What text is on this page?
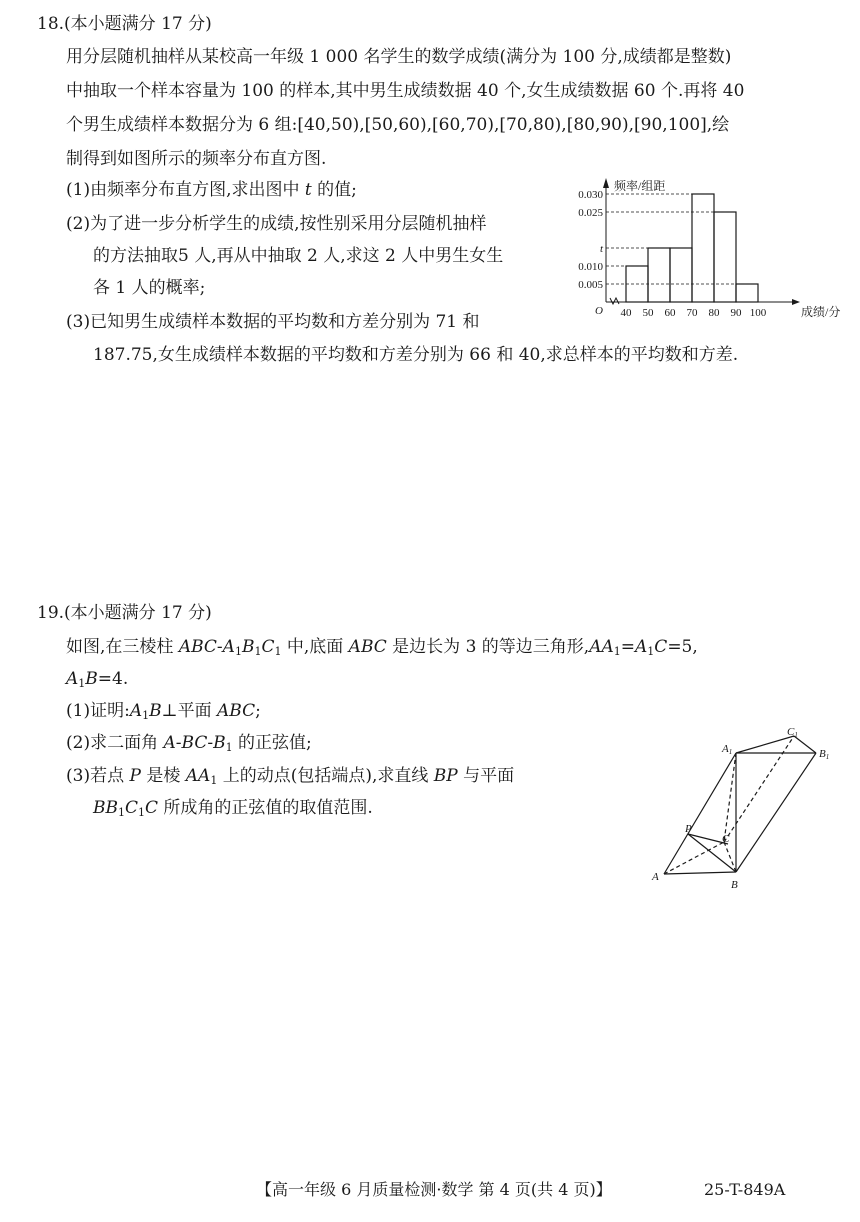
18.(本小题满分 17 分)
用分层随机抽样从某校高一年级 1 000 名学生的数学成绩(满分为 100 分,成绩都是整数)
中抽取一个样本容量为 100 的样本,其中男生成绩数据 40 个,女生成绩数据 60 个.再将 40
个男生成绩样本数据分为 6 组:[40,50),[50,60),[60,70),[70,80),[80,90),[90,100],绘
制得到如图所示的频率分布直方图.
(1)由频率分布直方图,求出图中 t 的值;
(2)为了进一步分析学生的成绩,按性别采用分层随机抽样
的方法抽取5 人,再从中抽取 2 人,求这 2 人中男生女生
各 1 人的概率;
(3)已知男生成绩样本数据的平均数和方差分别为 71 和
187.75,女生成绩样本数据的平均数和方差分别为 66 和 40,求总样本的平均数和方差.
0.030
0.025
t
0.010
0.005
40 50 60 70 80 90 100
O
频率/组距
成绩/分
19.(本小题满分 17 分)
如图,在三棱柱 ABC-$A_1B_1C_1$ 中,底面 ABC 是边长为 3 的等边三角形$,AA_1=A_1C=5$,
$A_1B=4$.
(1)证明$:A_1B\perp$平面 ABC;
(2)求二面角 $A-BC-B_1$ 的正弦值;
(3)若点 P 是棱 $AA_1$ 上的动点(包括端点),求直线 BP 与平面
$BB_1C_1C$ 所成角的正弦值的取值范围.
A
B
C
P
A1	B1
C1
【高一年级 6 月质量检测·数学 第 4 页(共 4 页)】	25-T-849A
